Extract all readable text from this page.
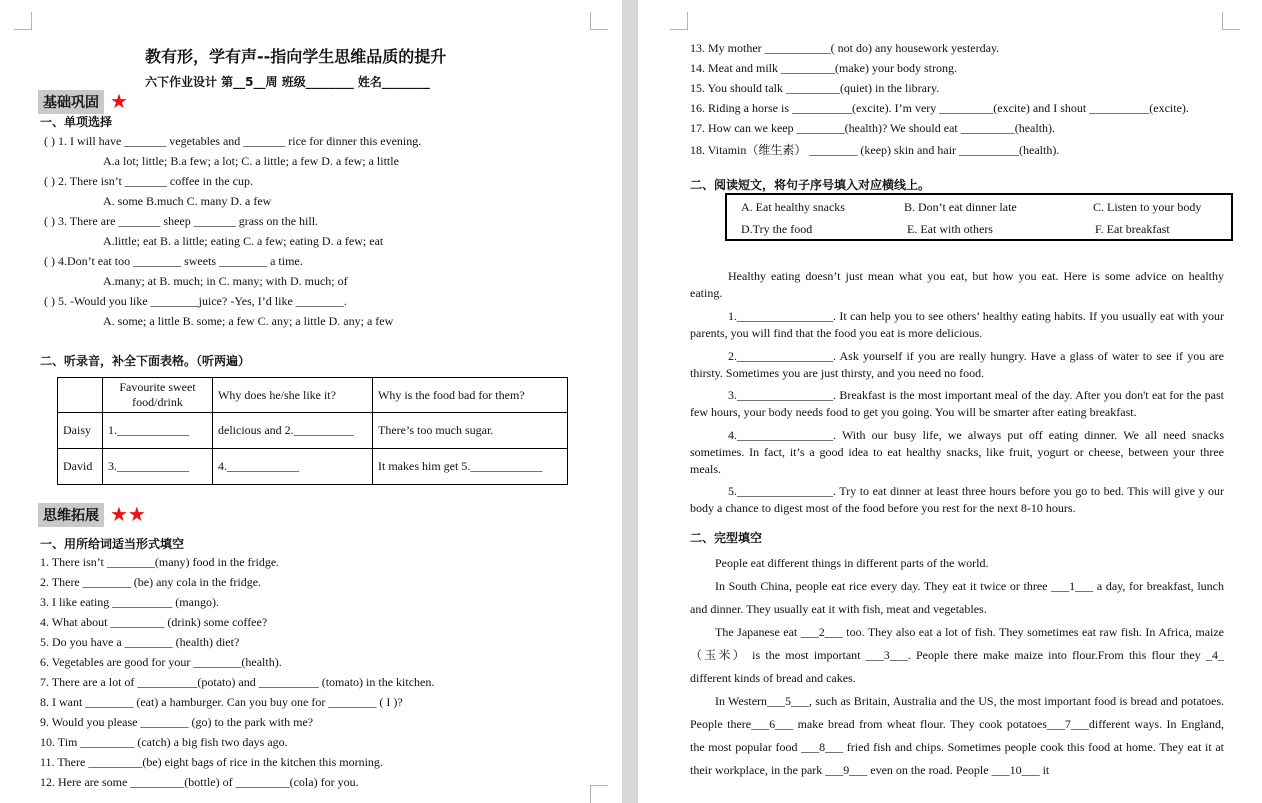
教有形，学有声--指向学生思维品质的提升
六下作业设计 第__5__周 班级________ 姓名________
基础巩固 ★
一、单项选择
( ) 1. I will have _______ vegetables and _______ rice for dinner this evening.
A.a lot; little; B.a few; a lot; C. a little; a few D. a few; a little
( ) 2. There isn’t _______ coffee in the cup.
A. some B.much C. many D. a few
( ) 3. There are _______ sheep _______ grass on the hill.
A.little; eat B. a little; eating C. a few; eating D. a few; eat
( ) 4.Don’t eat too ________ sweets ________ a time.
A.many; at B. much; in C. many; with D. much; of
( ) 5. -Would you like ________juice? -Yes, I’d like ________.
A. some; a little B. some; a few C. any; a little D. any; a few
二、听录音，补全下面表格。（听两遍）
	Favourite sweet food/drink	Why does he/she like it?	Why is the food bad for them?
Daisy	1.____________	delicious and 2.__________	There’s too much sugar.
David	3.____________	4.____________	It makes him get 5.____________
思维拓展 ★★
一、用所给词适当形式填空
1. There isn’t ________(many) food in the fridge.
2. There ________ (be) any cola in the fridge.
3. I like eating __________ (mango).
4. What about _________ (drink) some coffee?
5. Do you have a ________ (health) diet?
6. Vegetables are good for your ________(health).
7. There are a lot of __________(potato) and __________ (tomato) in the kitchen.
8. I want ________ (eat) a hamburger. Can you buy one for ________ ( I )?
9. Would you please ________ (go) to the park with me?
10. Tim _________ (catch) a big fish two days ago.
11. There _________(be) eight bags of rice in the kitchen this morning.
12. Here are some _________(bottle) of _________(cola) for you.
13. My mother ___________( not do) any housework yesterday.
14. Meat and milk _________(make) your body strong.
15. You should talk _________(quiet) in the library.
16. Riding a horse is __________(excite). I’m very _________(excite) and I shout __________(excite).
17. How can we keep ________(health)? We should eat _________(health).
18. Vitamin（维生素） ________ (keep) skin and hair __________(health).
二、阅读短文，将句子序号填入对应横线上。
A. Eat healthy snacks	B. Don’t eat dinner late	C. Listen to your body
D.Try the food	E. Eat with others	F. Eat breakfast
Healthy eating doesn’t just mean what you eat, but how you eat. Here is some advice on healthy eating.
1.________________. It can help you to see others’ healthy eating habits. If you usually eat with your parents, you will find that the food you eat is more delicious.
2.________________. Ask yourself if you are really hungry. Have a glass of water to see if you are thirsty. Sometimes you are just thirsty, and you need no food.
3.________________. Breakfast is the most important meal of the day. After you don't eat for the past few hours, your body needs food to get you going. You will be smarter after eating breakfast.
4.________________. With our busy life, we always put off eating dinner. We all need snacks sometimes. In fact, it’s a good idea to eat healthy snacks, like fruit, yogurt or cheese, between your three meals.
5.________________. Try to eat dinner at least three hours before you go to bed. This will give y our body a chance to digest most of the food before you rest for the next 8-10 hours.
二、完型填空
People eat different things in different parts of the world.
In South China, people eat rice every day. They eat it twice or three ___1___ a day, for breakfast, lunch and dinner. They usually eat it with fish, meat and vegetables.
The Japanese eat ___2___ too. They also eat a lot of fish. They sometimes eat raw fish. In Africa, maize（玉米） is the most important ___3___. People there make maize into flour.From this flour they _4_ different kinds of bread and cakes.
In Western___5___, such as Britain, Australia and the US, the most important food is bread and potatoes. People there___6___ make bread from wheat flour. They cook potatoes___7___different ways. In England, the most popular food ___8___ fried fish and chips. Sometimes people cook this food at home. They eat it at their workplace, in the park ___9___ even on the road. People ___10___ it
